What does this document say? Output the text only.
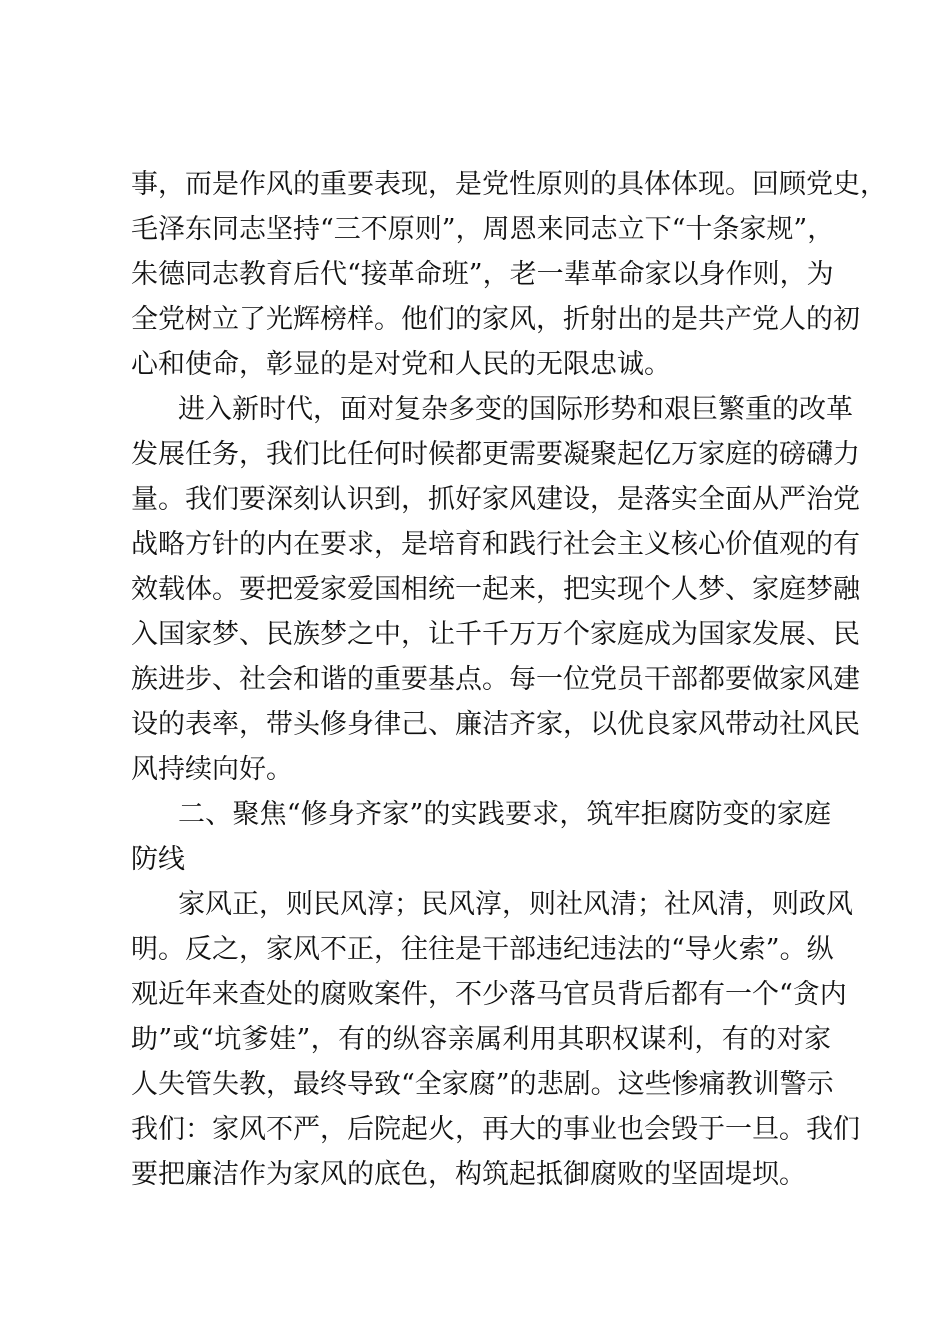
事，而是作风的重要表现，是党性原则的具体体现。回顾党史，
毛泽东同志坚持“三不原则”，周恩来同志立下“十条家规”，
朱德同志教育后代“接革命班”，老一辈革命家以身作则，为
全党树立了光辉榜样。他们的家风，折射出的是共产党人的初
心和使命，彰显的是对党和人民的无限忠诚。
进入新时代，面对复杂多变的国际形势和艰巨繁重的改革
发展任务，我们比任何时候都更需要凝聚起亿万家庭的磅礴力
量。我们要深刻认识到，抓好家风建设，是落实全面从严治党
战略方针的内在要求，是培育和践行社会主义核心价值观的有
效载体。要把爱家爱国相统一起来，把实现个人梦、家庭梦融
入国家梦、民族梦之中，让千千万万个家庭成为国家发展、民
族进步、社会和谐的重要基点。每一位党员干部都要做家风建
设的表率，带头修身律己、廉洁齐家，以优良家风带动社风民
风持续向好。
二、聚焦“修身齐家”的实践要求，筑牢拒腐防变的家庭
防线
家风正，则民风淳；民风淳，则社风清；社风清，则政风
明。反之，家风不正，往往是干部违纪违法的“导火索”。纵
观近年来查处的腐败案件，不少落马官员背后都有一个“贪内
助”或“坑爹娃”，有的纵容亲属利用其职权谋利，有的对家
人失管失教，最终导致“全家腐”的悲剧。这些惨痛教训警示
我们：家风不严，后院起火，再大的事业也会毁于一旦。我们
要把廉洁作为家风的底色，构筑起抵御腐败的坚固堤坝。
